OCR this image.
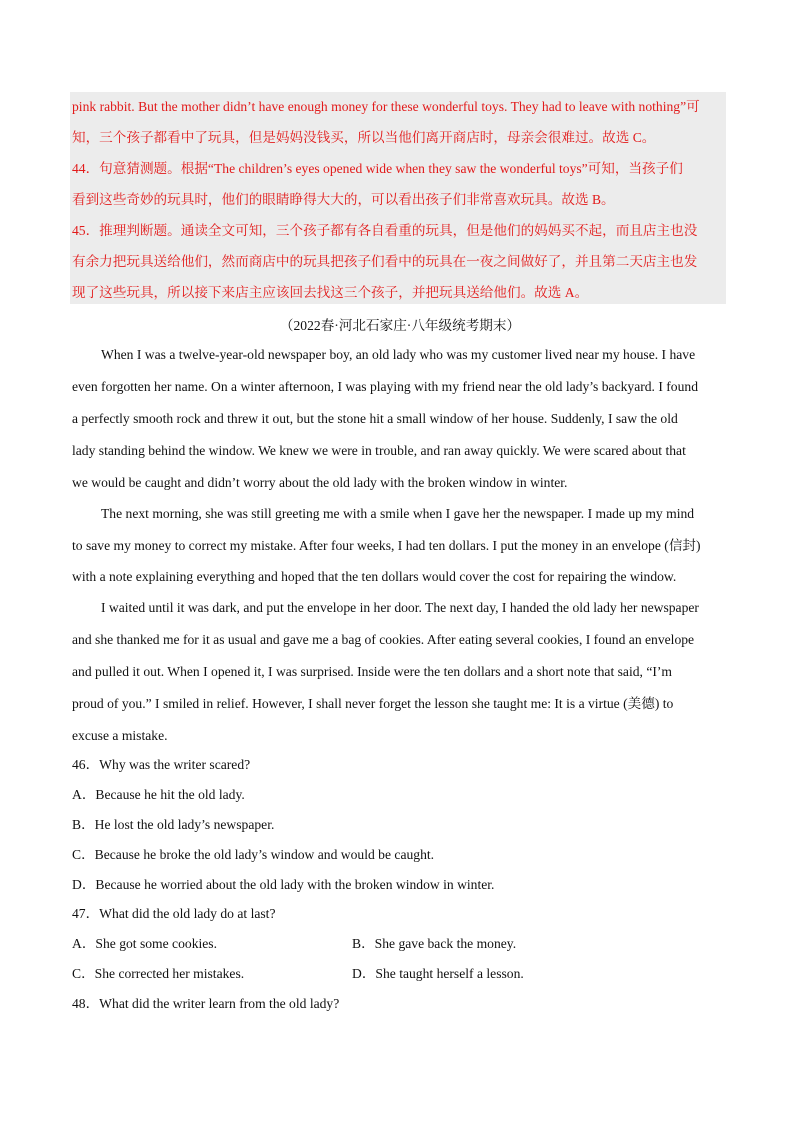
pink rabbit. But the mother didn’t have enough money for these wonderful toys. They had to leave with nothing”可
知，三个孩子都看中了玩具，但是妈妈没钱买，所以当他们离开商店时，母亲会很难过。故选 C。
44．句意猜测题。根据“The children’s eyes opened wide when they saw the wonderful toys”可知，当孩子们
看到这些奇妙的玩具时，他们的眼睛睁得大大的，可以看出孩子们非常喜欢玩具。故选 B。
45．推理判断题。通读全文可知，三个孩子都有各自看重的玩具，但是他们的妈妈买不起，而且店主也没
有余力把玩具送给他们，然而商店中的玩具把孩子们看中的玩具在一夜之间做好了，并且第二天店主也发
现了这些玩具，所以接下来店主应该回去找这三个孩子，并把玩具送给他们。故选 A。
（2022春·河北石家庄·八年级统考期末）
When I was a twelve-year-old newspaper boy, an old lady who was my customer lived near my house. I have
even forgotten her name. On a winter afternoon, I was playing with my friend near the old lady’s backyard. I found
a perfectly smooth rock and threw it out, but the stone hit a small window of her house. Suddenly, I saw the old
lady standing behind the window. We knew we were in trouble, and ran away quickly. We were scared about that
we would be caught and didn’t worry about the old lady with the broken window in winter.
The next morning, she was still greeting me with a smile when I gave her the newspaper. I made up my mind
to save my money to correct my mistake. After four weeks, I had ten dollars. I put the money in an envelope (信封)
with a note explaining everything and hoped that the ten dollars would cover the cost for repairing the window.
I waited until it was dark, and put the envelope in her door. The next day, I handed the old lady her newspaper
and she thanked me for it as usual and gave me a bag of cookies. After eating several cookies, I found an envelope
and pulled it out. When I opened it, I was surprised. Inside were the ten dollars and a short note that said, “I’m
proud of you.” I smiled in relief. However, I shall never forget the lesson she taught me: It is a virtue (美德) to
excuse a mistake.
46．Why was the writer scared?
A．Because he hit the old lady.
B．He lost the old lady’s newspaper.
C．Because he broke the old lady’s window and would be caught.
D．Because he worried about the old lady with the broken window in winter.
47．What did the old lady do at last?
A．She got some cookies.	B．She gave back the money.
C．She corrected her mistakes.	D．She taught herself a lesson.
48．What did the writer learn from the old lady?
